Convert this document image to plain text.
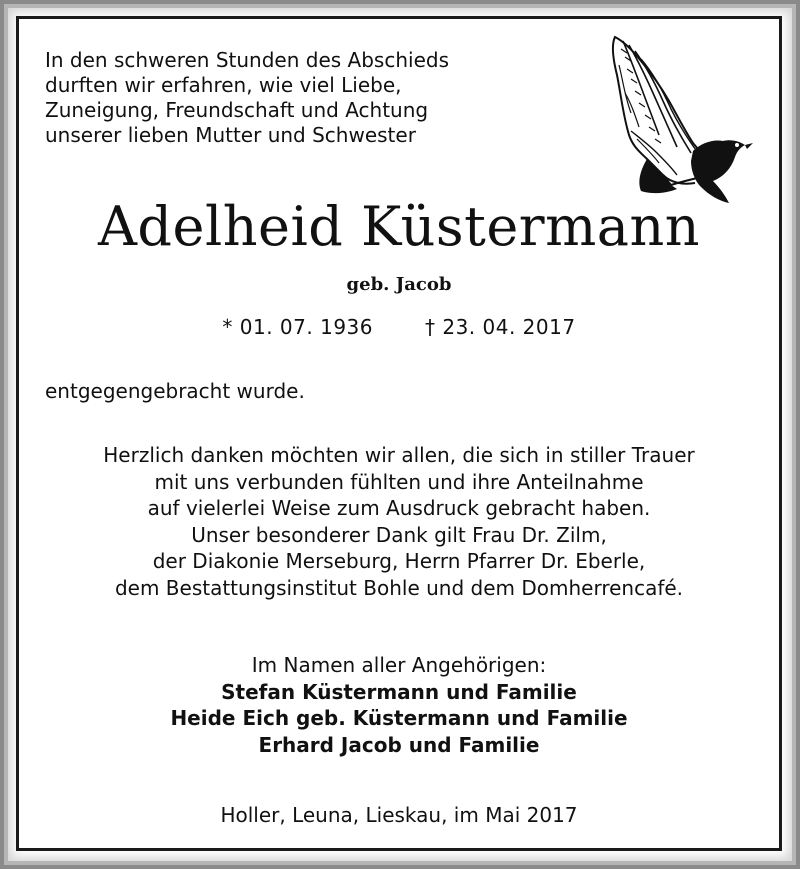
In den schweren Stunden des Abschieds
durften wir erfahren, wie viel Liebe,
Zuneigung, Freundschaft und Achtung
unserer lieben Mutter und Schwester
Adelheid Küstermann
geb. Jacob
* 01. 07. 1936	† 23. 04. 2017
entgegengebracht wurde.
Herzlich danken möchten wir allen, die sich in stiller Trauer
mit uns verbunden fühlten und ihre Anteilnahme
auf vielerlei Weise zum Ausdruck gebracht haben.
Unser besonderer Dank gilt Frau Dr. Zilm,
der Diakonie Merseburg, Herrn Pfarrer Dr. Eberle,
dem Bestattungsinstitut Bohle und dem Domherrencafé.
Im Namen aller Angehörigen:
Stefan Küstermann und Familie
Heide Eich geb. Küstermann und Familie
Erhard Jacob und Familie
Holler, Leuna, Lieskau, im Mai 2017
